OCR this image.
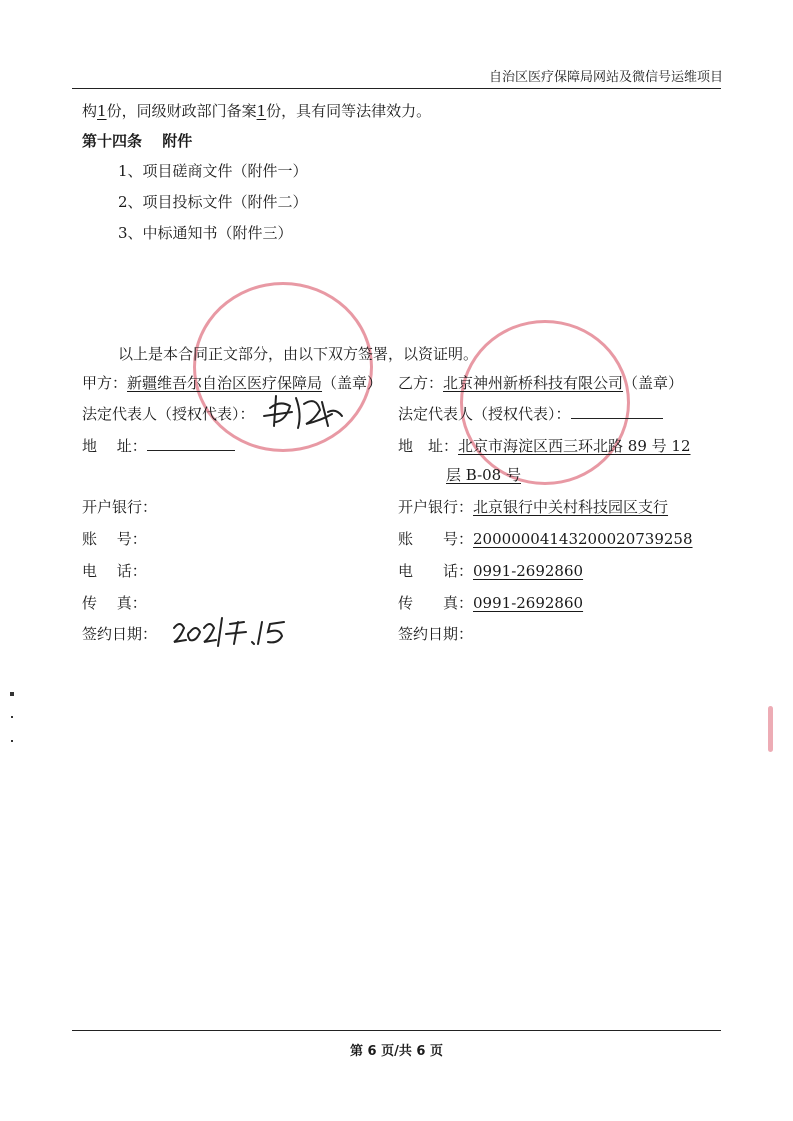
自治区医疗保障局网站及微信号运维项目
构1份，同级财政部门备案1份，具有同等法律效力。
第十四条　 附件
1、项目磋商文件（附件一）
2、项目投标文件（附件二）
3、中标通知书（附件三）
以上是本合同正文部分，由以下双方签署，以资证明。
甲方：新疆维吾尔自治区医疗保障局（盖章）
法定代表人（授权代表）：
地　 址：
开户银行：
账　 号：
电　 话：
传　 真：
签约日期：
乙方：北京神州新桥科技有限公司（盖章）
法定代表人（授权代表）：
地　址：北京市海淀区西三环北路 89 号 12
层 B-08 号
开户银行：北京银行中关村科技园区支行
账　　号：20000004143200020739258
电　　话：0991-2692860
传　　真：0991-2692860
签约日期：
第 6 页/共 6 页
